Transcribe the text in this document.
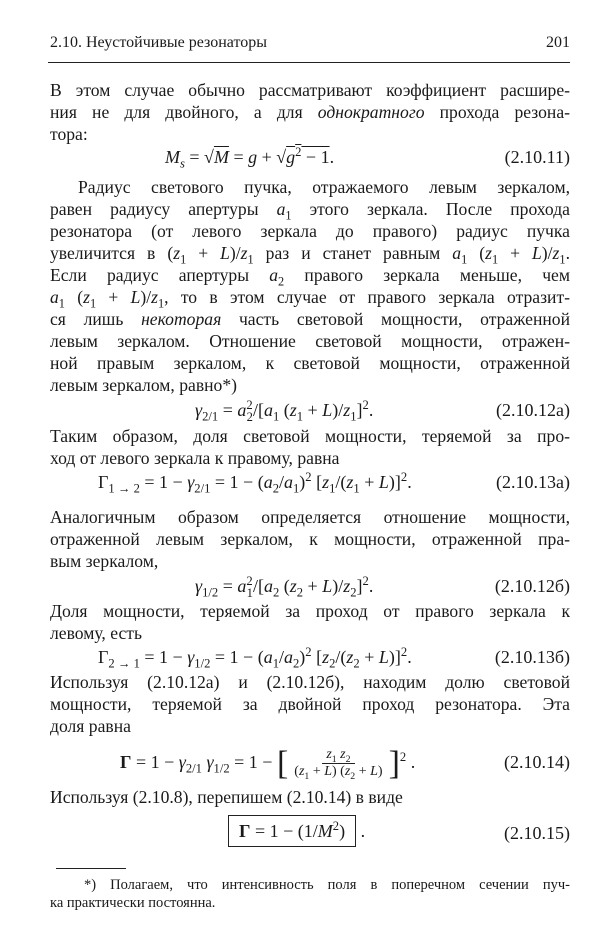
2.10. Неустойчивые резонаторы	201
В этом случае обычно рассматривают коэффициент расшире-
ния не для двойного, а для однократного прохода резона-
тора:
$M_s = √M = g + √g^2 - 1$.	(2.10.11)
Радиус светового пучка, отражаемого левым зеркалом,
равен радиусу апертуры $a_1$ этого зеркала. После прохода
резонатора (от левого зеркала до правого) радиус пучка
увеличится в $(z_1 + L)/z_1$ раз и станет равным $a_1$ $(z_1 + L)/z_1$.
Если радиус апертуры $a_2$ правого зеркала меньше, чем
$a_1$ $(z_1 + L)/z_1$, то в этом случае от правого зеркала отразит-
ся лишь некоторая часть световой мощности, отраженной
левым зеркалом. Отношение световой мощности, отражен-
ной правым зеркалом, к световой мощности, отраженной
левым зеркалом, равно*)
$\gamma_{2/1} = a^2_2/[a_1$ $(z_1 + L)/z_1]^2$.	(2.10.12а)
Таким образом, доля световой мощности, теряемой за про-
ход от левого зеркала к правому, равна
$\Gamma_{1 \to 2} = 1 - \gamma_{2/1} = 1 - (a_2/a_1)^2$ $[z_1/(z_1 + L)]^2$.	(2.10.13а)
Аналогичным образом определяется отношение мощности,
отраженной левым зеркалом, к мощности, отраженной пра-
вым зеркалом,
$\gamma_{1/2} = a^2_1/[a_2$ $(z_2 + L)/z_2]^2$.	(2.10.12б)
Доля мощности, теряемой за проход от правого зеркала к
левому, есть
$\Gamma_{2 \to 1} = 1 - \gamma_{1/2} = 1 - (a_1/a_2)^2$ $[z_2/(z_2 + L)]^2$.	(2.10.13б)
Используя (2.10.12а) и (2.10.12б), находим долю световой
мощности, теряемой за двойной проход резонатора. Эта
доля равна
$\Gamma = 1 - \gamma_{2/1}$ $\gamma_{1/2} = 1$ − [ $\frac{z_1 z_2}{(z_1 + L) (z_2 + L)} ]^2$ .	(2.10.14)
Используя (2.10.8), перепишем (2.10.14) в виде
$\Gamma = 1 - (1/M^2)$ .	(2.10.15)
*) Полагаем, что интенсивность поля в поперечном сечении пуч-
ка практически постоянна.
